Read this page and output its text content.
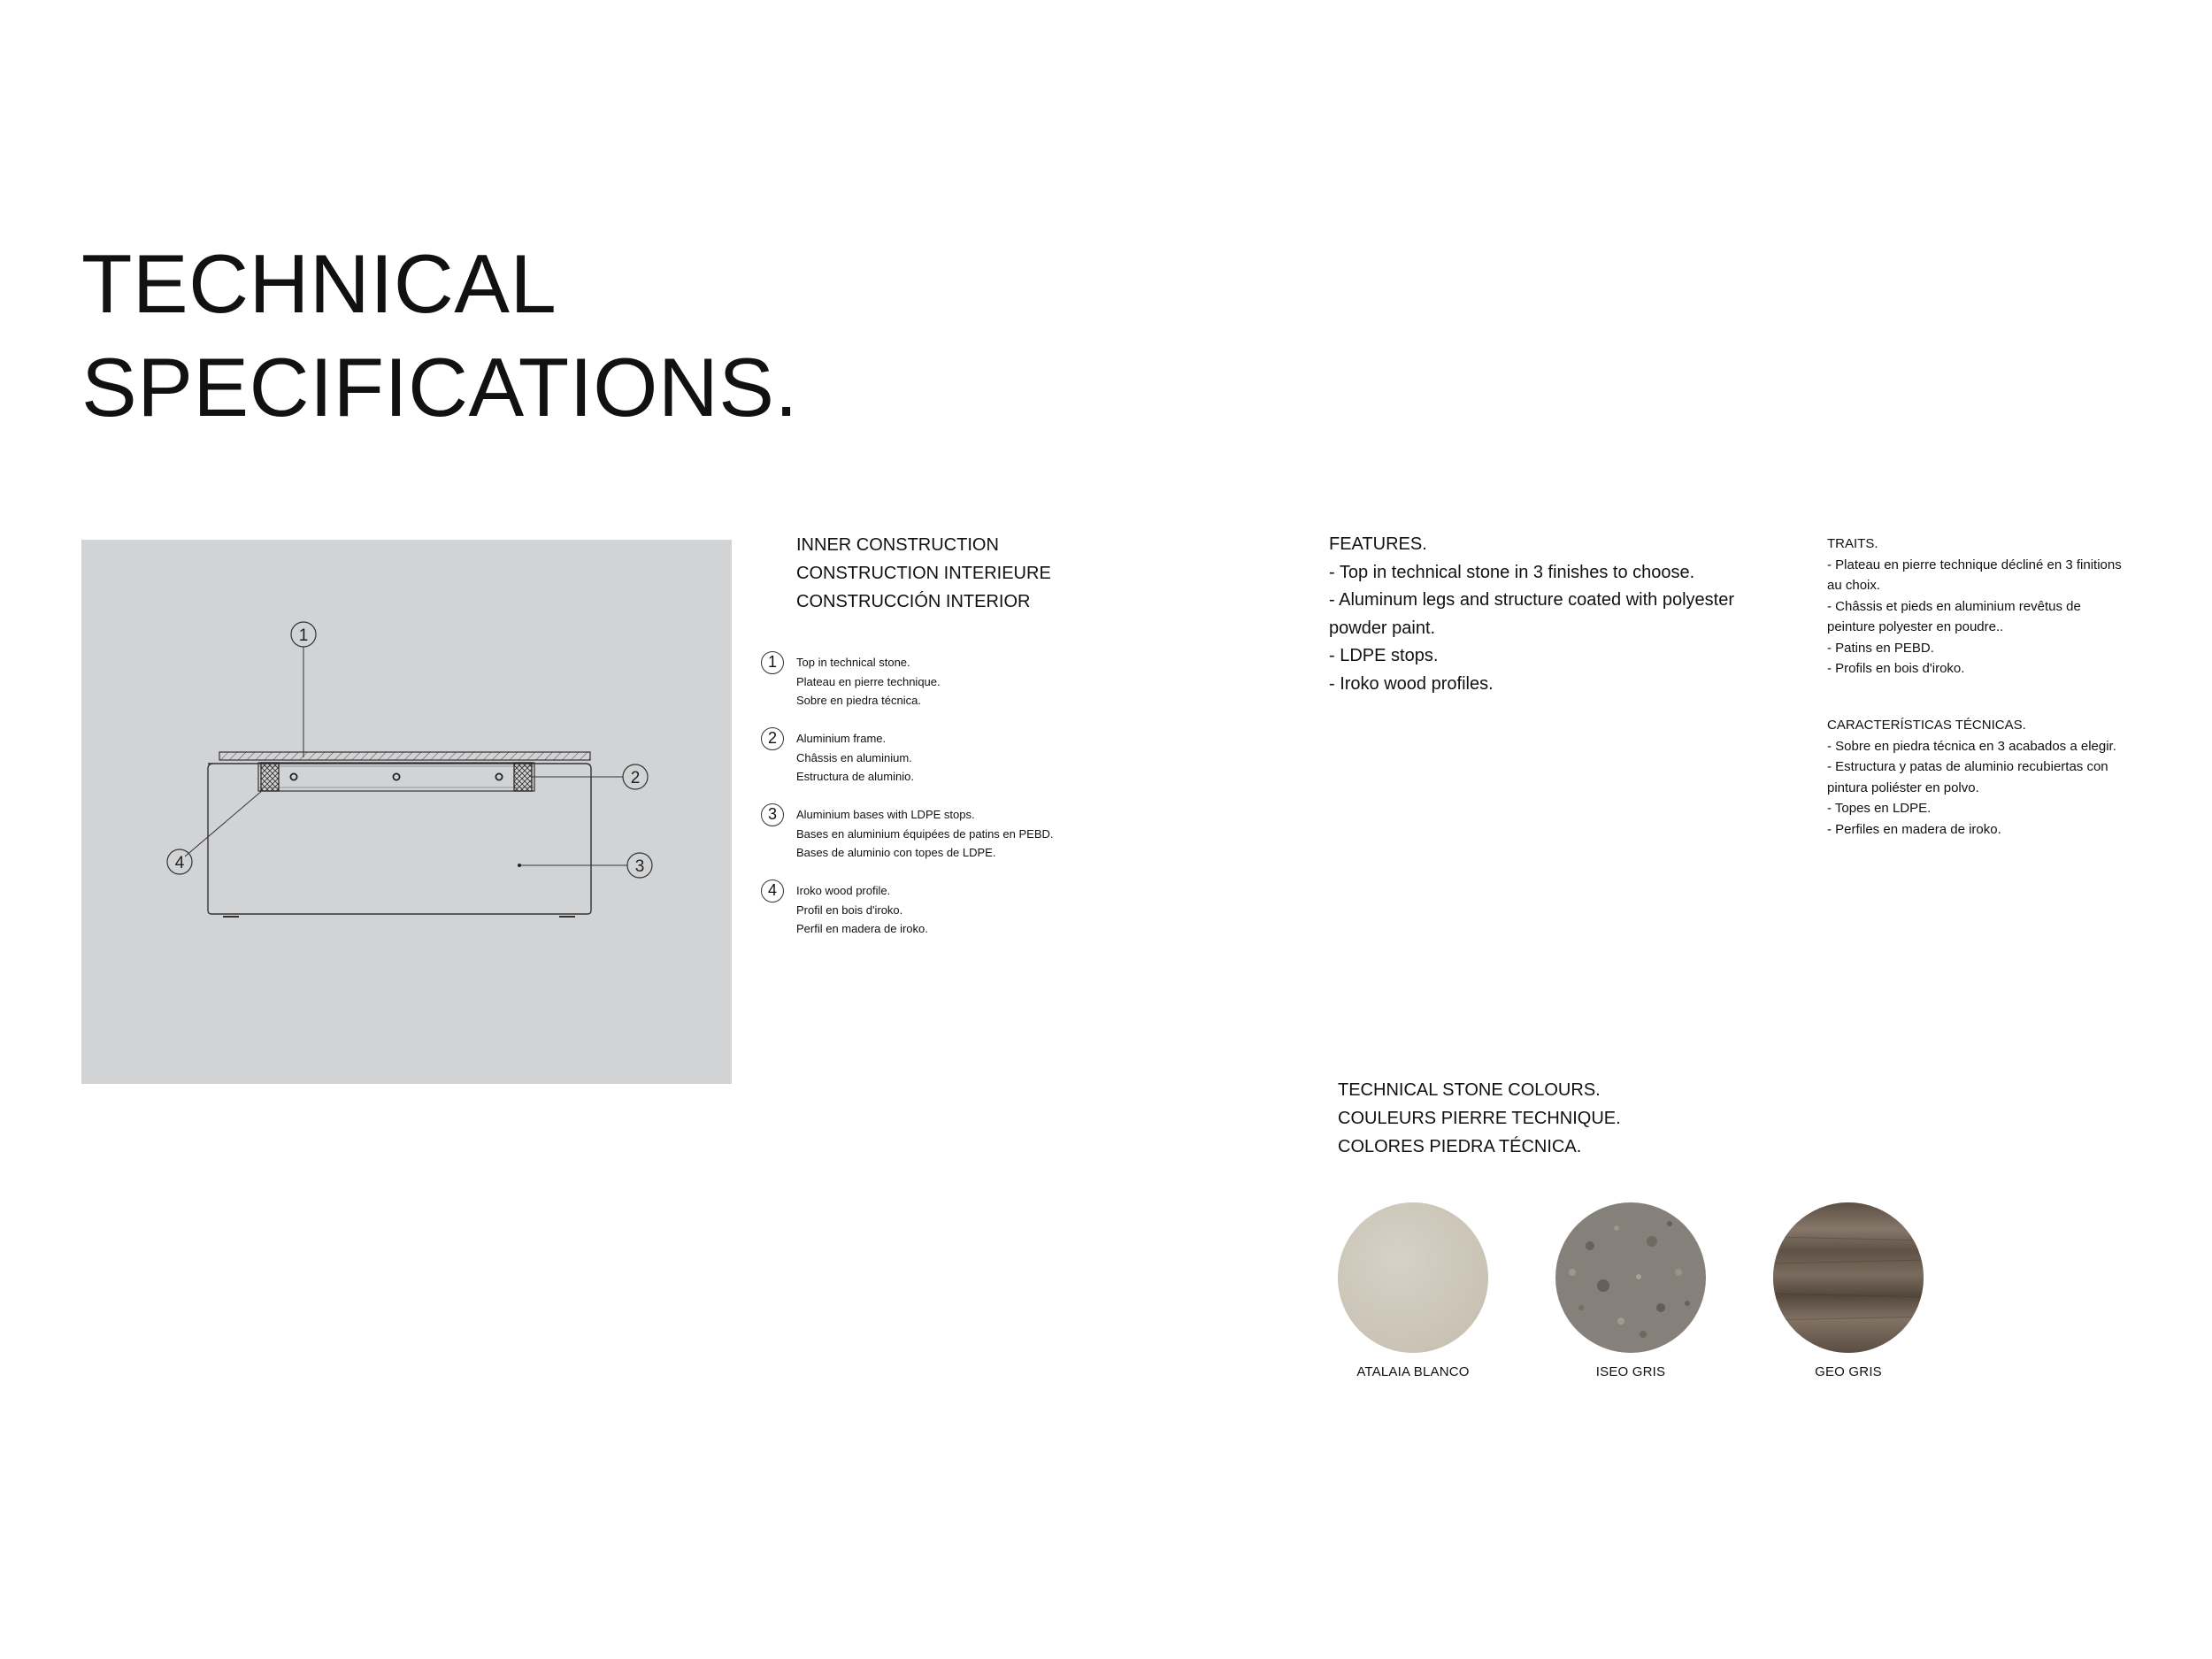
TECHNICAL
SPECIFICATIONS.
1
2
3
4
INNER CONSTRUCTION
CONSTRUCTION INTERIEURE
CONSTRUCCIÓN INTERIOR
1	Top in technical stone.
Plateau en pierre technique.
Sobre en piedra técnica.
2	Aluminium frame.
Châssis en aluminium.
Estructura de aluminio.
3	Aluminium bases with LDPE stops.
Bases en aluminium équipées de patins en PEBD.
Bases de aluminio con topes de LDPE.
4	Iroko wood profile.
Profil en bois d'iroko.
Perfil en madera de iroko.
FEATURES.
- Top in technical stone in 3 finishes to choose.
- Aluminum legs and structure coated with polyester
powder paint.
- LDPE stops.
- Iroko wood profiles.
TRAITS.
- Plateau en pierre technique décliné en 3 finitions
au choix.
- Châssis et pieds en aluminium revêtus de
peinture polyester en poudre..
- Patins en PEBD.
- Profils en bois d'iroko.
CARACTERÍSTICAS TÉCNICAS.
- Sobre en piedra técnica en 3 acabados a elegir.
- Estructura y patas de aluminio recubiertas con
pintura poliéster en polvo.
- Topes en LDPE.
- Perfiles en madera de iroko.
TECHNICAL STONE COLOURS.
COULEURS PIERRE TECHNIQUE.
COLORES PIEDRA TÉCNICA.
ATALAIA BLANCO	ISEO GRIS	GEO GRIS
